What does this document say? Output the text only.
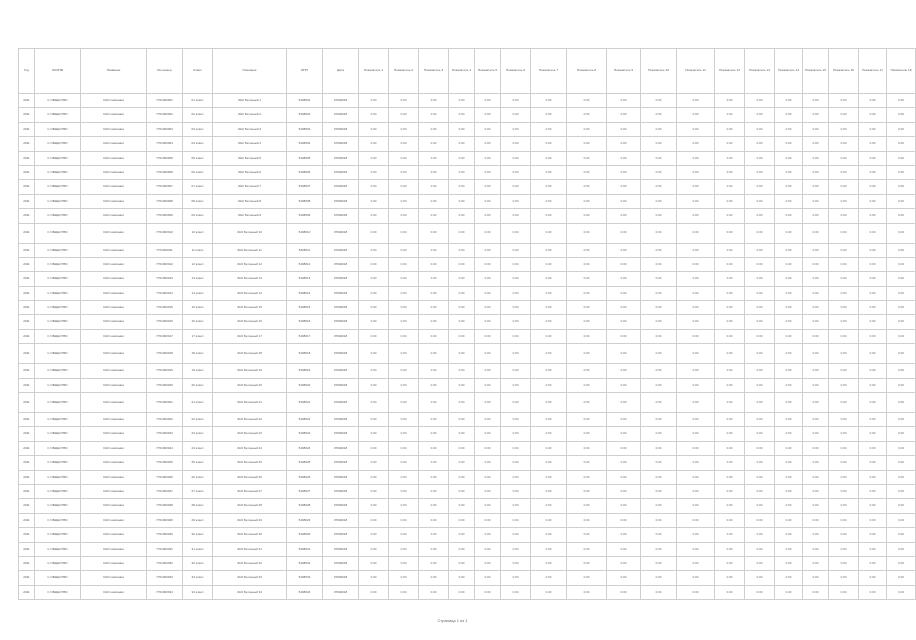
Год	ОКОПФ	Название	Рег.номер	Класс	Описание	ИНН	Дата	Показатель 1	Показатель 2	Показатель 3	Показатель 4	Показатель 5	Показатель 6	Показатель 7	Показатель 8	Показатель 9	Показатель 10	Показатель 11	Показатель 12	Показатель 13	Показатель 14	Показатель 15	Показатель 16	Показатель 17	Показатель 18
2011	С ОБЩЕСТВО	ОАО компания	7701000001	01 класс	ЗАО Бетонный 1	5408001	07092018	0.00	0.00	0.00	0.00	0.00	0.00	0.00	0.00	0.00	0.00	0.00	0.00	0.00	0.00	0.00	0.00	0.00	0.00
2011	С ОБЩЕСТВО	ОАО компания	7701000002	02 класс	ЗАО Бетонный 2	5408002	07092018	0.00	0.00	0.00	0.00	0.00	0.00	0.00	0.00	0.00	0.00	0.00	0.00	0.00	0.00	0.00	0.00	0.00	0.00
2011	С ОБЩЕСТВО	ОАО компания	7701000003	03 класс	ЗАО Бетонный 3	5408003	07092018	0.00	0.00	0.00	0.00	0.00	0.00	0.00	0.00	0.00	0.00	0.00	0.00	0.00	0.00	0.00	0.00	0.00	0.00
2011	С ОБЩЕСТВО	ОАО компания	7701000004	04 класс	ЗАО Бетонный 4	5408004	07092018	0.00	0.00	0.00	0.00	0.00	0.00	0.00	0.00	0.00	0.00	0.00	0.00	0.00	0.00	0.00	0.00	0.00	0.00
2011	С ОБЩЕСТВО	ОАО компания	7701000005	05 класс	ЗАО Бетонный 5	5408005	07092018	0.00	0.00	0.00	0.00	0.00	0.00	0.00	0.00	0.00	0.00	0.00	0.00	0.00	0.00	0.00	0.00	0.00	0.00
2011	С ОБЩЕСТВО	ОАО компания	7701000006	06 класс	ЗАО Бетонный 6	5408006	07092018	0.00	0.00	0.00	0.00	0.00	0.00	0.00	0.00	0.00	0.00	0.00	0.00	0.00	0.00	0.00	0.00	0.00	0.00
2011	С ОБЩЕСТВО	ОАО компания	7701000007	07 класс	ЗАО Бетонный 7	5408007	07092018	0.00	0.00	0.00	0.00	0.00	0.00	0.00	0.00	0.00	0.00	0.00	0.00	0.00	0.00	0.00	0.00	0.00	0.00
2011	С ОБЩЕСТВО	ОАО компания	7701000008	08 класс	ЗАО Бетонный 8	5408008	07092018	0.00	0.00	0.00	0.00	0.00	0.00	0.00	0.00	0.00	0.00	0.00	0.00	0.00	0.00	0.00	0.00	0.00	0.00
2011	С ОБЩЕСТВО	ОАО компания	7701000009	09 класс	ЗАО Бетонный 9	5408009	07092018	0.00	0.00	0.00	0.00	0.00	0.00	0.00	0.00	0.00	0.00	0.00	0.00	0.00	0.00	0.00	0.00	0.00	0.00
2011	С ОБЩЕСТВО	ОАО компания	7701000010	10 класс	ЗАО Бетонный 10	5408010	07092018	0.00	0.00	0.00	0.00	0.00	0.00	0.00	0.00	0.00	0.00	0.00	0.00	0.00	0.00	0.00	0.00	0.00	0.00
2011	С ОБЩЕСТВО	ОАО компания	7701000011	11 класс	ЗАО Бетонный 11	5408011	07092018	0.00	0.00	0.00	0.00	0.00	0.00	0.00	0.00	0.00	0.00	0.00	0.00	0.00	0.00	0.00	0.00	0.00	0.00
2011	С ОБЩЕСТВО	ОАО компания	7701000012	12 класс	ЗАО Бетонный 12	5408012	07092018	0.00	0.00	0.00	0.00	0.00	0.00	0.00	0.00	0.00	0.00	0.00	0.00	0.00	0.00	0.00	0.00	0.00	0.00
2011	С ОБЩЕСТВО	ОАО компания	7701000013	13 класс	ЗАО Бетонный 13	5408013	07092018	0.00	0.00	0.00	0.00	0.00	0.00	0.00	0.00	0.00	0.00	0.00	0.00	0.00	0.00	0.00	0.00	0.00	0.00
2011	С ОБЩЕСТВО	ОАО компания	7701000014	14 класс	ЗАО Бетонный 14	5408014	07092018	0.00	0.00	0.00	0.00	0.00	0.00	0.00	0.00	0.00	0.00	0.00	0.00	0.00	0.00	0.00	0.00	0.00	0.00
2011	С ОБЩЕСТВО	ОАО компания	7701000015	15 класс	ЗАО Бетонный 15	5408015	07092018	0.00	0.00	0.00	0.00	0.00	0.00	0.00	0.00	0.00	0.00	0.00	0.00	0.00	0.00	0.00	0.00	0.00	0.00
2011	С ОБЩЕСТВО	ОАО компания	7701000016	16 класс	ЗАО Бетонный 16	5408016	07092018	0.00	0.00	0.00	0.00	0.00	0.00	0.00	0.00	0.00	0.00	0.00	0.00	0.00	0.00	0.00	0.00	0.00	0.00
2011	С ОБЩЕСТВО	ОАО компания	7701000017	17 класс	ЗАО Бетонный 17	5408017	07092018	0.00	0.00	0.00	0.00	0.00	0.00	0.00	0.00	0.00	0.00	0.00	0.00	0.00	0.00	0.00	0.00	0.00	0.00
2011	С ОБЩЕСТВО	ОАО компания	7701000018	18 класс	ЗАО Бетонный 18	5408018	07092018	0.00	0.00	0.00	0.00	0.00	0.00	0.00	0.00	0.00	0.00	0.00	0.00	0.00	0.00	0.00	0.00	0.00	0.00
2011	С ОБЩЕСТВО	ОАО компания	7701000019	19 класс	ЗАО Бетонный 19	5408019	07092018	0.00	0.00	0.00	0.00	0.00	0.00	0.00	0.00	0.00	0.00	0.00	0.00	0.00	0.00	0.00	0.00	0.00	0.00
2011	С ОБЩЕСТВО	ОАО компания	7701000020	20 класс	ЗАО Бетонный 20	5408020	07092018	0.00	0.00	0.00	0.00	0.00	0.00	0.00	0.00	0.00	0.00	0.00	0.00	0.00	0.00	0.00	0.00	0.00	0.00
2011	С ОБЩЕСТВО	ОАО компания	7701000021	21 класс	ЗАО Бетонный 21	5408021	07092018	0.00	0.00	0.00	0.00	0.00	0.00	0.00	0.00	0.00	0.00	0.00	0.00	0.00	0.00	0.00	0.00	0.00	0.00
2011	С ОБЩЕСТВО	ОАО компания	7701000022	22 класс	ЗАО Бетонный 22	5408022	07092018	0.00	0.00	0.00	0.00	0.00	0.00	0.00	0.00	0.00	0.00	0.00	0.00	0.00	0.00	0.00	0.00	0.00	0.00
2011	С ОБЩЕСТВО	ОАО компания	7701000023	23 класс	ЗАО Бетонный 23	5408023	07092018	0.00	0.00	0.00	0.00	0.00	0.00	0.00	0.00	0.00	0.00	0.00	0.00	0.00	0.00	0.00	0.00	0.00	0.00
2011	С ОБЩЕСТВО	ОАО компания	7701000024	24 класс	ЗАО Бетонный 24	5408024	07092018	0.00	0.00	0.00	0.00	0.00	0.00	0.00	0.00	0.00	0.00	0.00	0.00	0.00	0.00	0.00	0.00	0.00	0.00
2011	С ОБЩЕСТВО	ОАО компания	7701000025	25 класс	ЗАО Бетонный 25	5408025	07092018	0.00	0.00	0.00	0.00	0.00	0.00	0.00	0.00	0.00	0.00	0.00	0.00	0.00	0.00	0.00	0.00	0.00	0.00
2011	С ОБЩЕСТВО	ОАО компания	7701000026	26 класс	ЗАО Бетонный 26	5408026	07092018	0.00	0.00	0.00	0.00	0.00	0.00	0.00	0.00	0.00	0.00	0.00	0.00	0.00	0.00	0.00	0.00	0.00	0.00
2011	С ОБЩЕСТВО	ОАО компания	7701000027	27 класс	ЗАО Бетонный 27	5408027	07092018	0.00	0.00	0.00	0.00	0.00	0.00	0.00	0.00	0.00	0.00	0.00	0.00	0.00	0.00	0.00	0.00	0.00	0.00
2011	С ОБЩЕСТВО	ОАО компания	7701000028	28 класс	ЗАО Бетонный 28	5408028	07092018	0.00	0.00	0.00	0.00	0.00	0.00	0.00	0.00	0.00	0.00	0.00	0.00	0.00	0.00	0.00	0.00	0.00	0.00
2011	С ОБЩЕСТВО	ОАО компания	7701000029	29 класс	ЗАО Бетонный 29	5408029	07092018	0.00	0.00	0.00	0.00	0.00	0.00	0.00	0.00	0.00	0.00	0.00	0.00	0.00	0.00	0.00	0.00	0.00	0.00
2011	С ОБЩЕСТВО	ОАО компания	7701000030	30 класс	ЗАО Бетонный 30	5408030	07092018	0.00	0.00	0.00	0.00	0.00	0.00	0.00	0.00	0.00	0.00	0.00	0.00	0.00	0.00	0.00	0.00	0.00	0.00
2011	С ОБЩЕСТВО	ОАО компания	7701000031	31 класс	ЗАО Бетонный 31	5408031	07092018	0.00	0.00	0.00	0.00	0.00	0.00	0.00	0.00	0.00	0.00	0.00	0.00	0.00	0.00	0.00	0.00	0.00	0.00
2011	С ОБЩЕСТВО	ОАО компания	7701000032	32 класс	ЗАО Бетонный 32	5408032	07092018	0.00	0.00	0.00	0.00	0.00	0.00	0.00	0.00	0.00	0.00	0.00	0.00	0.00	0.00	0.00	0.00	0.00	0.00
2011	С ОБЩЕСТВО	ОАО компания	7701000033	33 класс	ЗАО Бетонный 33	5408033	07092018	0.00	0.00	0.00	0.00	0.00	0.00	0.00	0.00	0.00	0.00	0.00	0.00	0.00	0.00	0.00	0.00	0.00	0.00
2011	С ОБЩЕСТВО	ОАО компания	7701000034	34 класс	ЗАО Бетонный 34	5408034	07092018	0.00	0.00	0.00	0.00	0.00	0.00	0.00	0.00	0.00	0.00	0.00	0.00	0.00	0.00	0.00	0.00	0.00	0.00
Страница 1 из 1
